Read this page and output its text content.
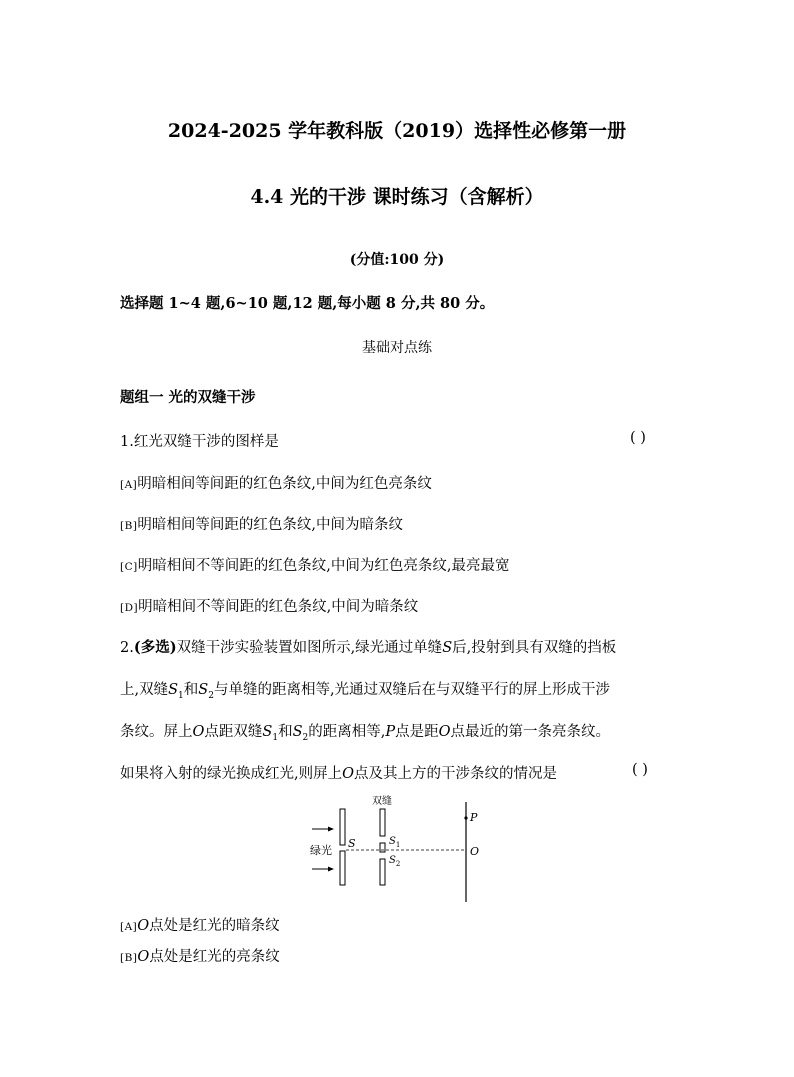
2024-2025 学年教科版（2019）选择性必修第一册
4.4 光的干涉 课时练习（含解析）
(分值:100 分)
选择题 1~4 题,6~10 题,12 题,每小题 8 分,共 80 分。
基础对点练
题组一 光的双缝干涉
1.红光双缝干涉的图样是	( )
[A]明暗相间等间距的红色条纹,中间为红色亮条纹
[B]明暗相间等间距的红色条纹,中间为暗条纹
[C]明暗相间不等间距的红色条纹,中间为红色亮条纹,最亮最宽
[D]明暗相间不等间距的红色条纹,中间为暗条纹
2.(多选)双缝干涉实验装置如图所示,绿光通过单缝S后,投射到具有双缝的挡板
上,双缝$S_1$和$S_2$与单缝的距离相等,光通过双缝后在与双缝平行的屏上形成干涉
条纹。屏上O点距双缝$S_1$和$S_2$的距离相等,P点是距O点最近的第一条亮条纹。
如果将入射的绿光换成红光,则屏上O点及其上方的干涉条纹的情况是	( )
绿光
S
双缝
$S_1$
$S_2$
P
O
[A]O点处是红光的暗条纹
[B]O点处是红光的亮条纹
